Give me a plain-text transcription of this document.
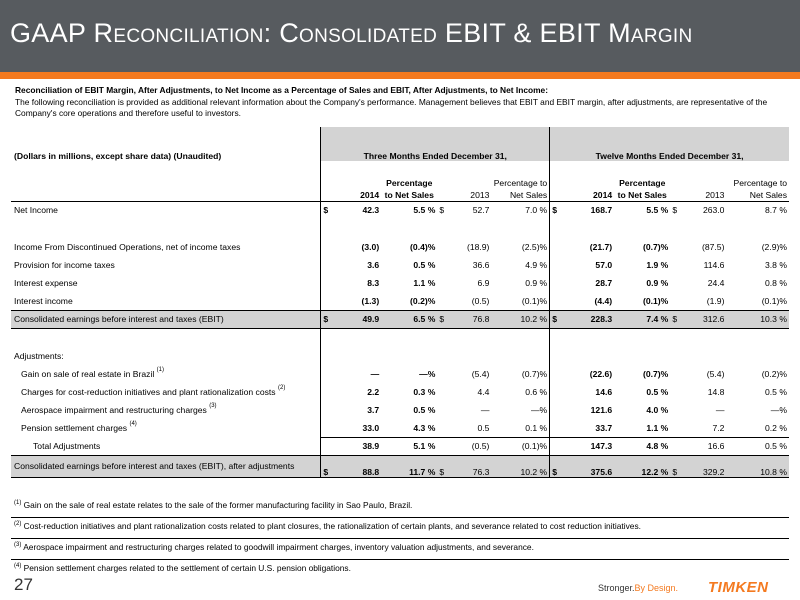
GAAP Reconciliation: Consolidated EBIT & EBIT Margin
Reconciliation of EBIT Margin, After Adjustments, to Net Income as a Percentage of Sales and EBIT, After Adjustments, to Net Income:
The following reconciliation is provided as additional relevant information about the Company's performance. Management believes that EBIT and EBIT margin, after adjustments, are representative of the Company's core operations and therefore useful to investors.
(Dollars in millions, except share data) (Unaudited)	Three Months Ended December 31,						Twelve Months Ended December 31,					
		2014	Percentage to Net Sales		2013	Percentage to Net Sales		2014	Percentage to Net Sales		2013	Percentage to Net Sales
Net Income	$	42.3	5.5 %	$	52.7	7.0 %	$	168.7	5.5 %	$	263.0	8.7 %

Income From Discontinued Operations, net of income taxes		(3.0)	(0.4)%		(18.9)	(2.5)%		(21.7)	(0.7)%		(87.5)	(2.9)%
Provision for income taxes		3.6	0.5 %		36.6	4.9 %		57.0	1.9 %		114.6	3.8 %
Interest expense		8.3	1.1 %		6.9	0.9 %		28.7	0.9 %		24.4	0.8 %
Interest income		(1.3)	(0.2)%		(0.5)	(0.1)%		(4.4)	(0.1)%		(1.9)	(0.1)%
Consolidated earnings before interest and taxes (EBIT)	$	49.9	6.5 %	$	76.8	10.2 %	$	228.3	7.4 %	$	312.6	10.3 %

Adjustments:												
Gain on sale of real estate in Brazil $^{(1)}$		—	—%		(5.4)	(0.7)%		(22.6)	(0.7)%		(5.4)	(0.2)%
Charges for cost-reduction initiatives and plant rationalization costs $^{(2)}$		2.2	0.3 %		4.4	0.6 %		14.6	0.5 %		14.8	0.5 %
Aerospace impairment and restructuring charges $^{(3)}$		3.7	0.5 %		—	—%		121.6	4.0 %		—	—%
Pension settlement charges $^{(4)}$		33.0	4.3 %		0.5	0.1 %		33.7	1.1 %		7.2	0.2 %
Total Adjustments		38.9	5.1 %		(0.5)	(0.1)%		147.3	4.8 %		16.6	0.5 %
Consolidated earnings before interest and taxes (EBIT), after adjustments	$	88.8	11.7 %	$	76.3	10.2 %	$	375.6	12.2 %	$	329.2	10.8 %
$^{(1)}$ Gain on the sale of real estate relates to the sale of the former manufacturing facility in Sao Paulo, Brazil.
$^{(2)}$ Cost-reduction initiatives and plant rationalization costs related to plant closures, the rationalization of certain plants, and severance related to cost reduction initiatives.
$^{(3)}$ Aerospace impairment and restructuring charges related to goodwill impairment charges, inventory valuation adjustments, and severance.
$^{(4)}$ Pension settlement charges related to the settlement of certain U.S. pension obligations.
27	Stronger.By Design. TIMKEN
